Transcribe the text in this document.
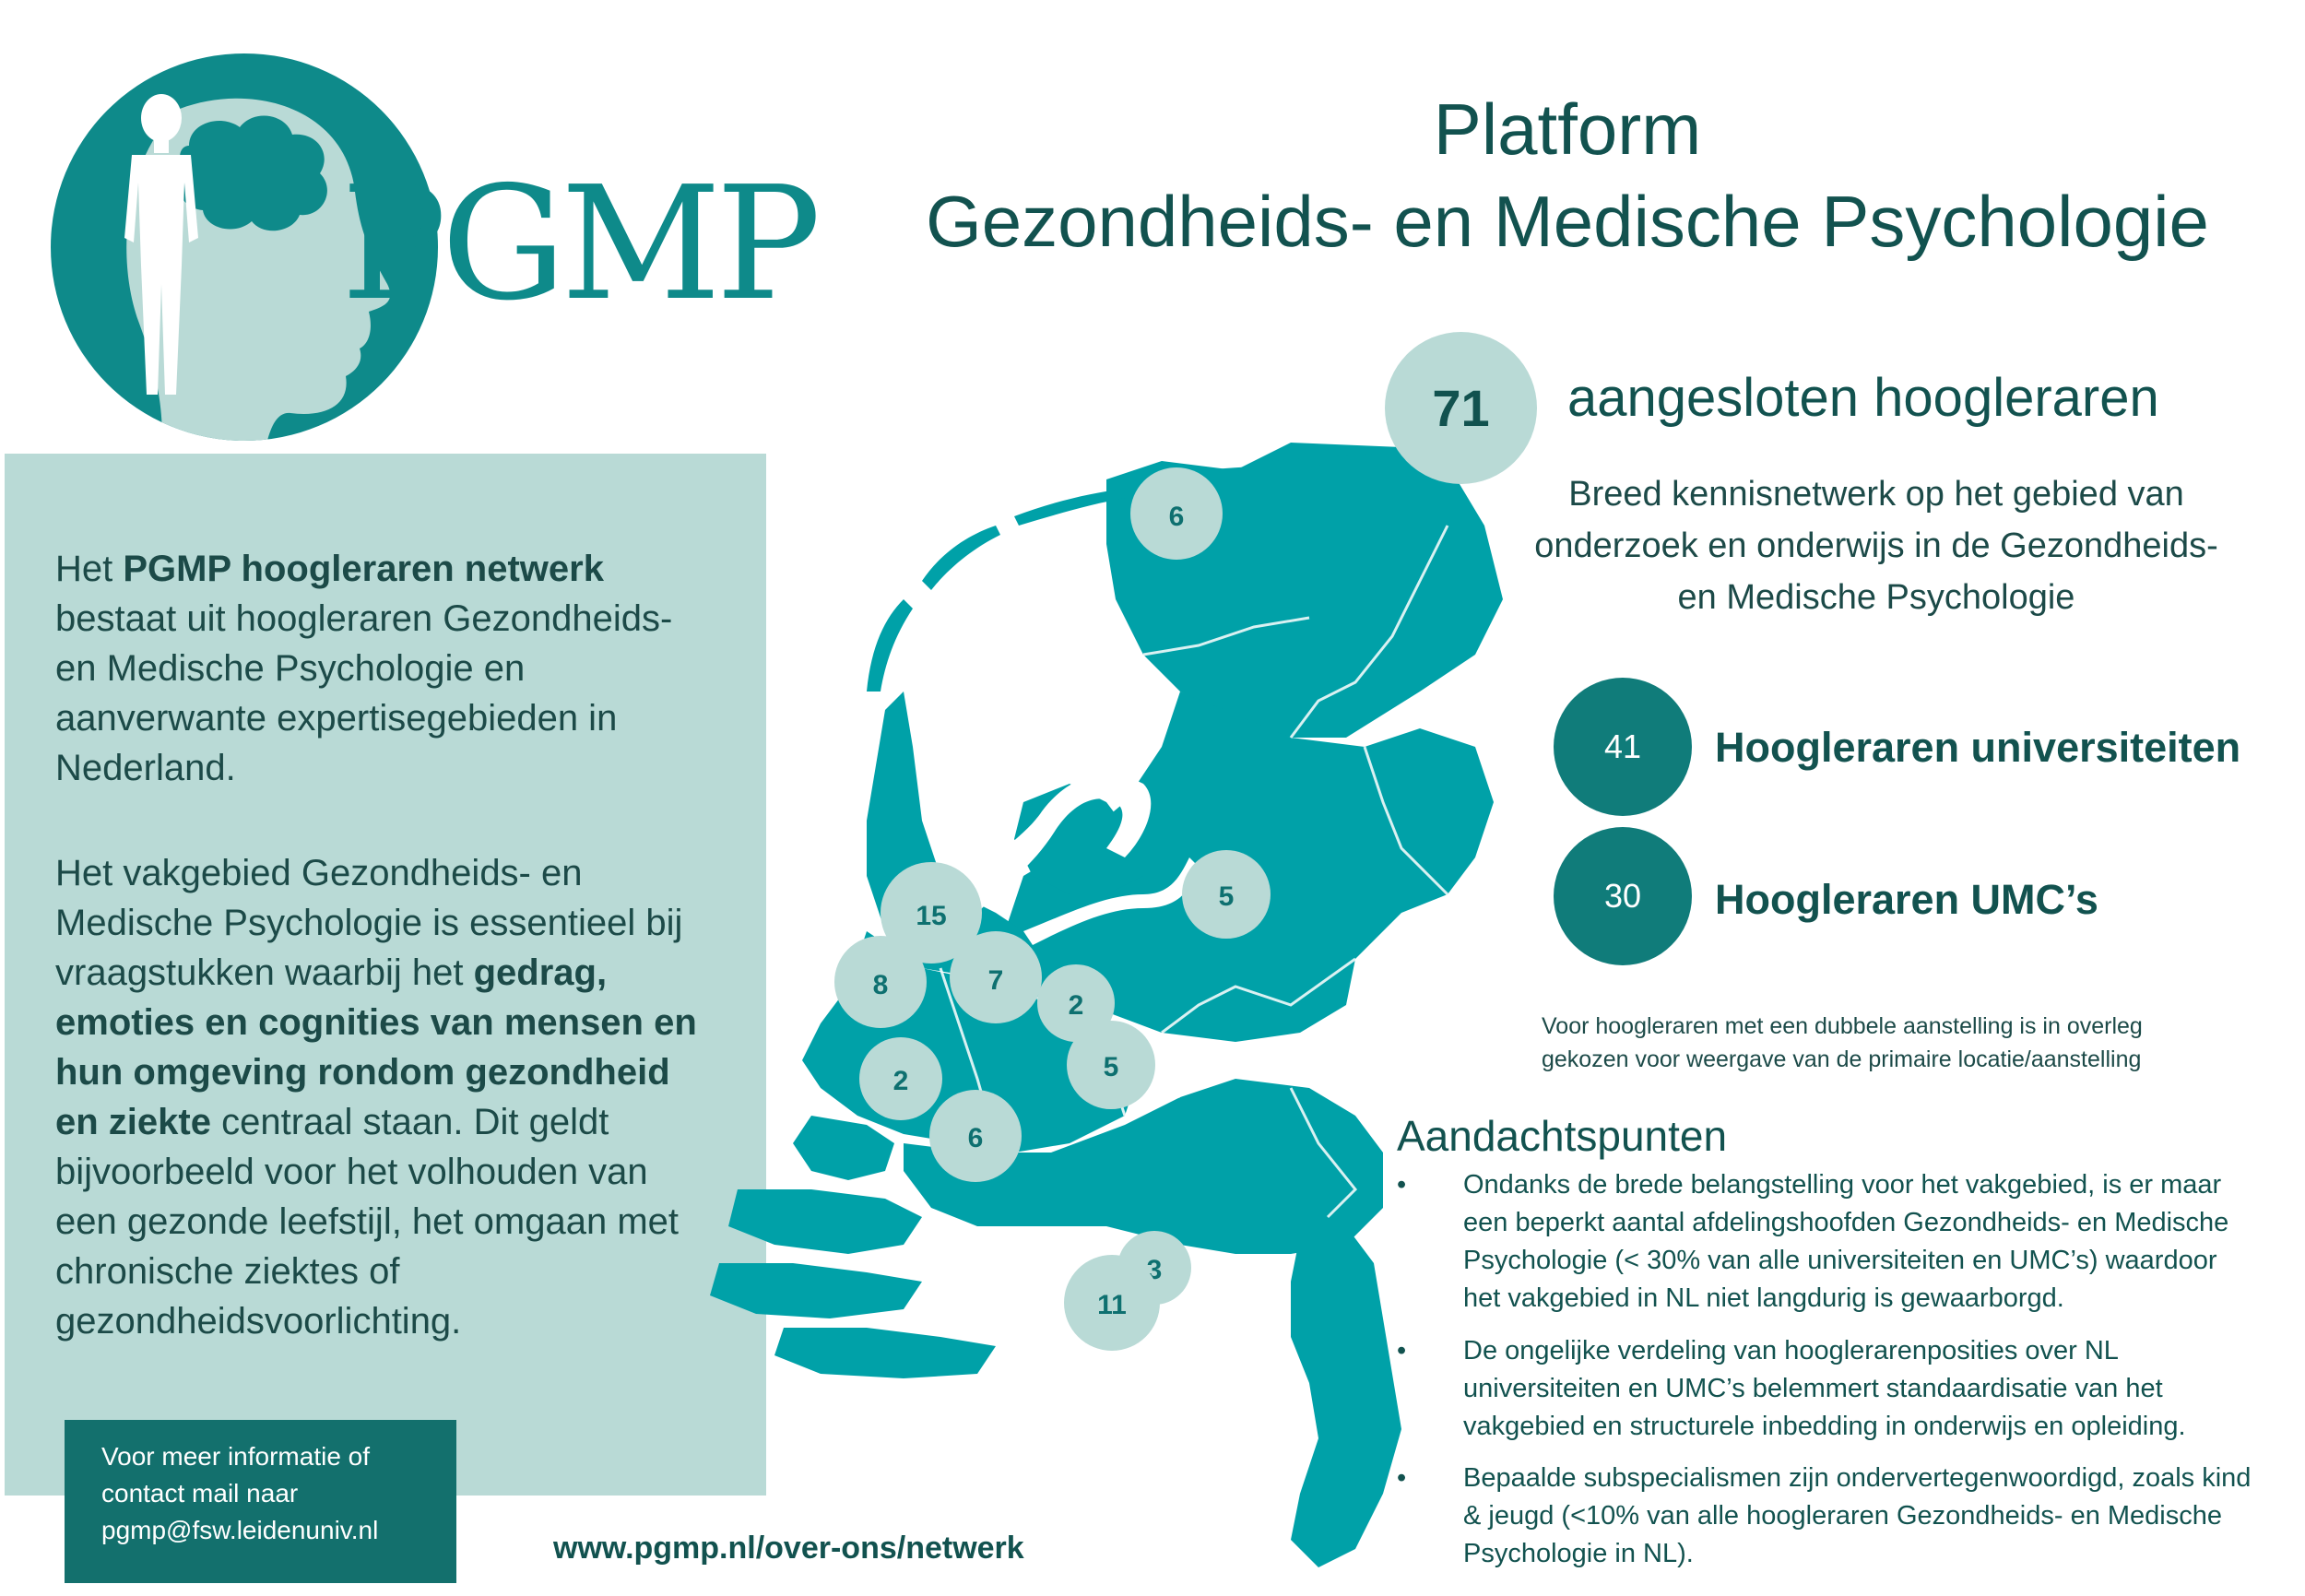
PGMP
Platform
Gezondheids- en Medische Psychologie
Het PGMP hoogleraren netwerk bestaat uit hoogleraren Gezondheids- en Medische Psychologie en aanverwante expertisegebieden in Nederland.
Het vakgebied Gezondheids- en Medische Psychologie is essentieel bij vraagstukken waarbij het gedrag, emoties en cognities van mensen en hun omgeving rondom gezondheid en ziekte centraal staan. Dit geldt bijvoorbeeld voor het volhouden van een gezonde leefstijl, het omgaan met chronische ziektes of gezondheidsvoorlichting.
Voor meer informatie of
contact mail naar
pgmp@fsw.leidenuniv.nl
www.pgmp.nl/over-ons/netwerk
6
5
15
8	7
2
5
2
6
3
11
71 aangesloten hoogleraren
Breed kennisnetwerk op het gebied van onderzoek en onderwijs in de Gezondheids- en Medische Psychologie
41 Hoogleraren universiteiten
30 Hoogleraren UMC’s
Voor hoogleraren met een dubbele aanstelling is in overleg gekozen voor weergave van de primaire locatie/aanstelling
Aandachtspunten
•	Ondanks de brede belangstelling voor het vakgebied, is er maar een beperkt aantal afdelingshoofden Gezondheids- en Medische Psychologie (< 30% van alle universiteiten en UMC’s) waardoor het vakgebied in NL niet langdurig is gewaarborgd.
•	De ongelijke verdeling van hooglerarenposities over NL universiteiten en UMC’s belemmert standaardisatie van het vakgebied en structurele inbedding in onderwijs en opleiding.
•	Bepaalde subspecialismen zijn ondervertegenwoordigd, zoals kind & jeugd (<10% van alle hoogleraren Gezondheids- en Medische Psychologie in NL).
